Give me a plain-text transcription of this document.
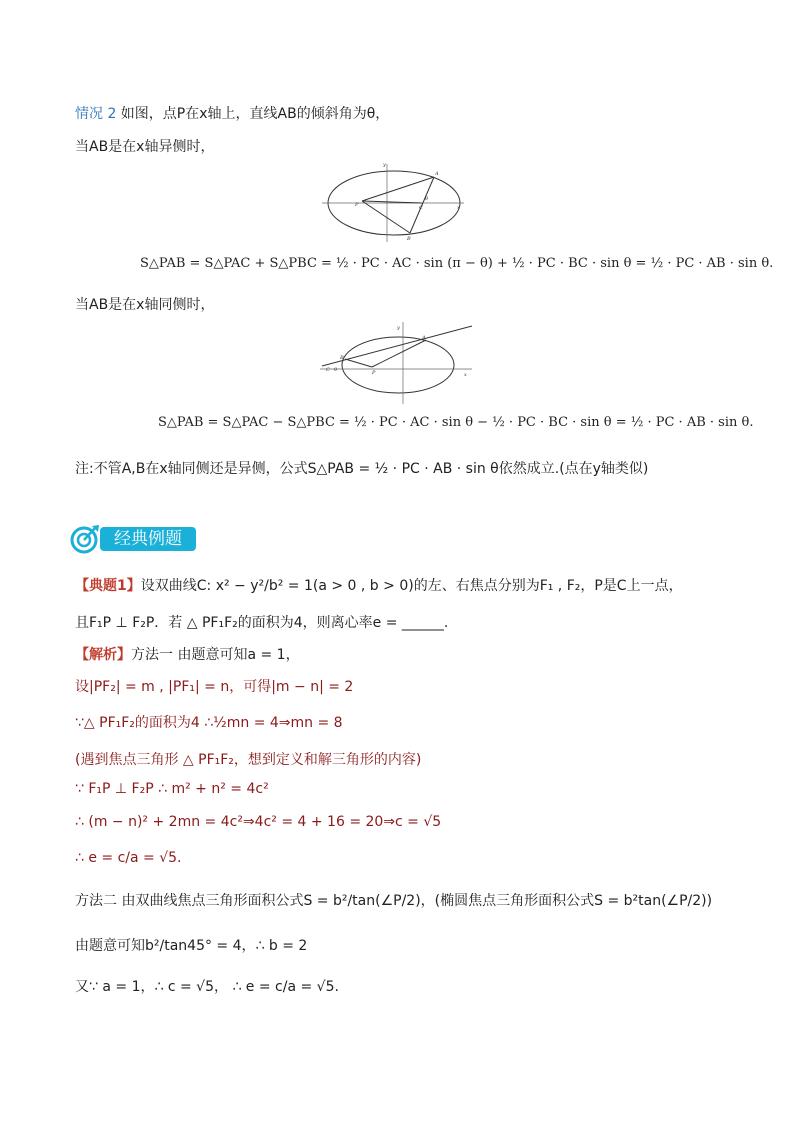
情况 2 如图，点P在x轴上，直线AB的倾斜角为θ，
当AB是在x轴异侧时，
y
A
P
θ
C	x
B
S△PAB = S△PAC + S△PBC = ½ · PC · AC · sin (π − θ) + ½ · PC · BC · sin θ = ½ · PC · AB · sin θ.
当AB是在x轴同侧时，
y
A
B
C θ	P	x
S△PAB = S△PAC − S△PBC = ½ · PC · AC · sin θ − ½ · PC · BC · sin θ = ½ · PC · AB · sin θ.
注:不管A,B在x轴同侧还是异侧，公式S△PAB = ½ · PC · AB · sin θ依然成立.(点在y轴类似)
经典例题
【典题1】设双曲线C: x² − y²/b² = 1(a > 0 , b > 0)的左、右焦点分别为F₁ , F₂，P是C上一点，
且F₁P ⊥ F₂P．若 △ PF₁F₂的面积为4，则离心率e = ______.
【解析】方法一 由题意可知a = 1，
设|PF₂| = m , |PF₁| = n，可得|m − n| = 2
∵△ PF₁F₂的面积为4 ∴½mn = 4⇒mn = 8
(遇到焦点三角形 △ PF₁F₂，想到定义和解三角形的内容)
∵ F₁P ⊥ F₂P ∴ m² + n² = 4c²
∴ (m − n)² + 2mn = 4c²⇒4c² = 4 + 16 = 20⇒c = √5
∴ e = c/a = √5.
方法二 由双曲线焦点三角形面积公式S = b²/tan(∠P/2)，(椭圆焦点三角形面积公式S = b²tan(∠P/2))
由题意可知b²/tan45° = 4，∴ b = 2
又∵ a = 1，∴ c = √5， ∴ e = c/a = √5.
